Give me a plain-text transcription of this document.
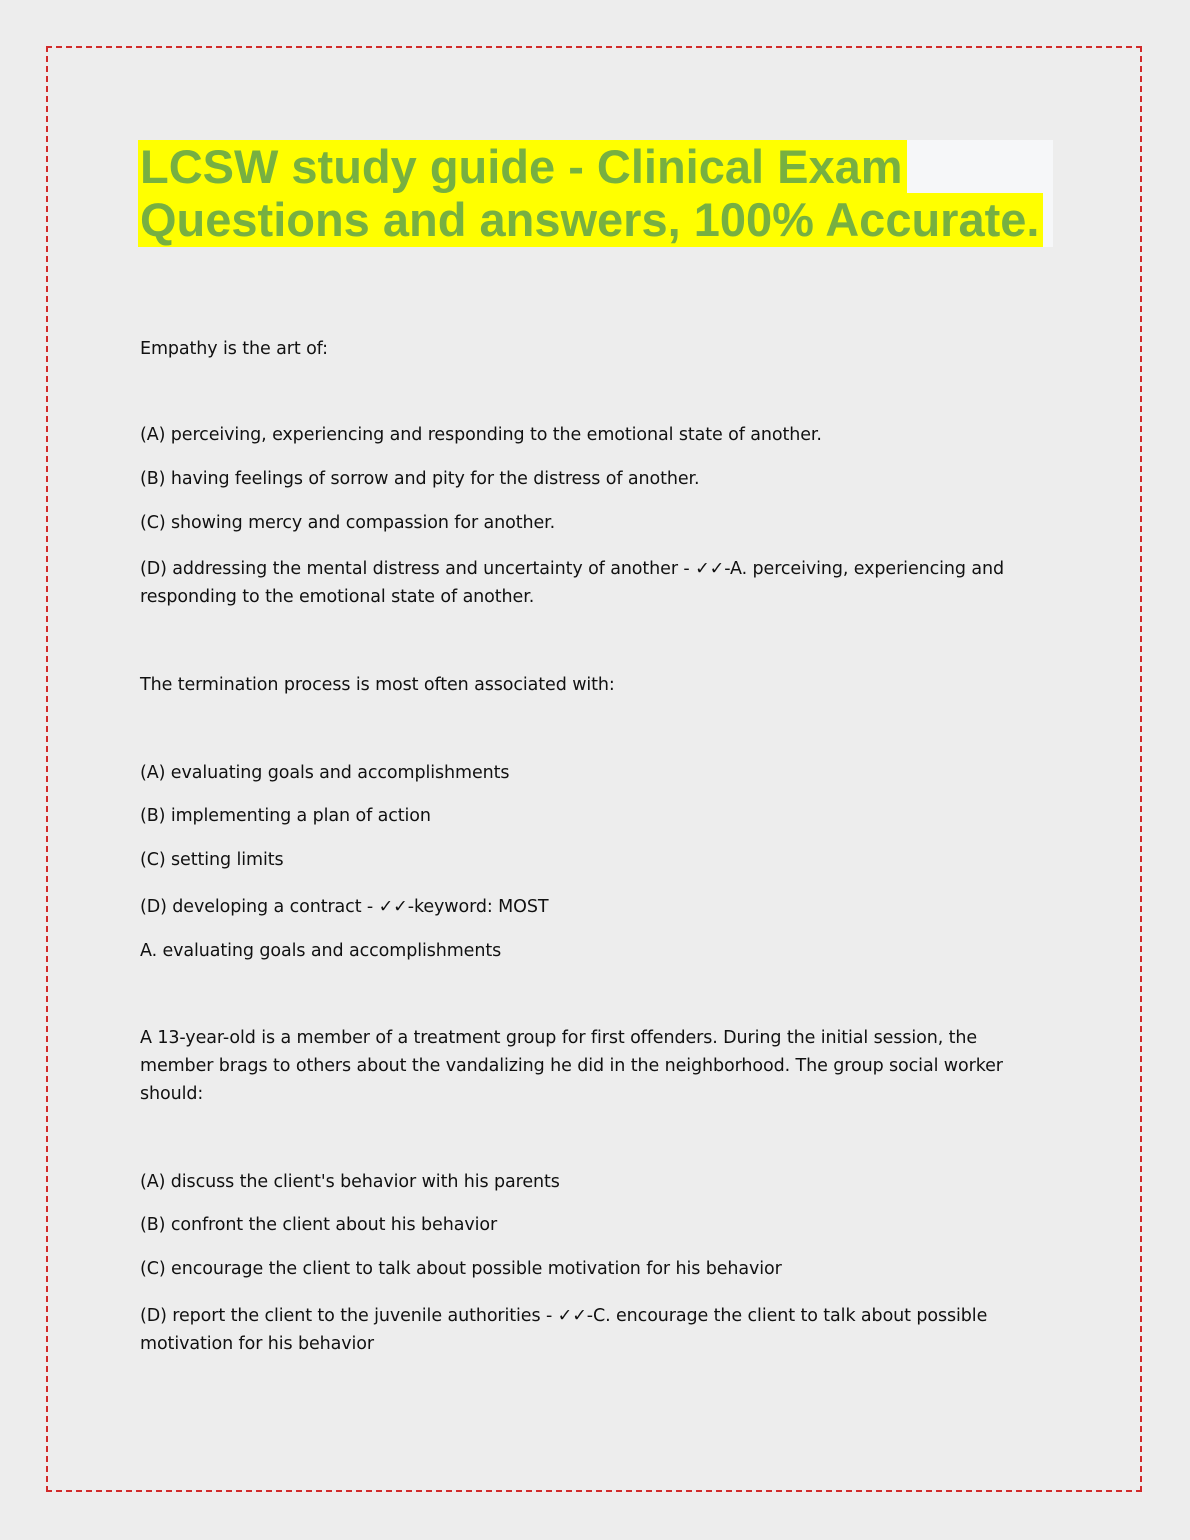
LCSW study guide - Clinical Exam
Questions and answers, 100% Accurate.
Empathy is the art of:
(A) perceiving, experiencing and responding to the emotional state of another.
(B) having feelings of sorrow and pity for the distress of another.
(C) showing mercy and compassion for another.
(D) addressing the mental distress and uncertainty of another - ✓✓-A. perceiving, experiencing and responding to the emotional state of another.
The termination process is most often associated with:
(A) evaluating goals and accomplishments
(B) implementing a plan of action
(C) setting limits
(D) developing a contract - ✓✓-keyword: MOST
A. evaluating goals and accomplishments
A 13-year-old is a member of a treatment group for first offenders. During the initial session, the member brags to others about the vandalizing he did in the neighborhood. The group social worker should:
(A) discuss the client's behavior with his parents
(B) confront the client about his behavior
(C) encourage the client to talk about possible motivation for his behavior
(D) report the client to the juvenile authorities - ✓✓-C. encourage the client to talk about possible motivation for his behavior
